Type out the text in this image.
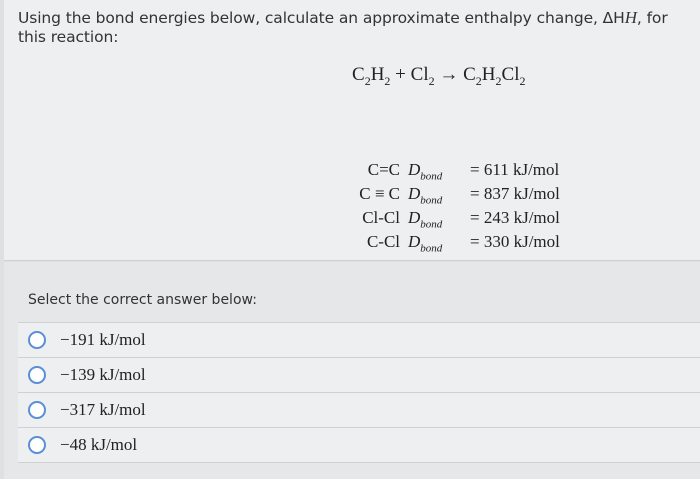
Using the bond energies below, calculate an approximate enthalpy change, ΔHH, for this reaction:
$C_2H_2 + Cl_2 \to C_2H_2Cl_2$
C=C $D_{bond}$	= 611 kJ/mol
C ≡ C $D_{bond}$	= 837 kJ/mol
Cl-Cl $D_{bond}$	= 243 kJ/mol
C-Cl $D_{bond}$	= 330 kJ/mol
Select the correct answer below:
−191 kJ/mol
−139 kJ/mol
−317 kJ/mol
−48 kJ/mol
